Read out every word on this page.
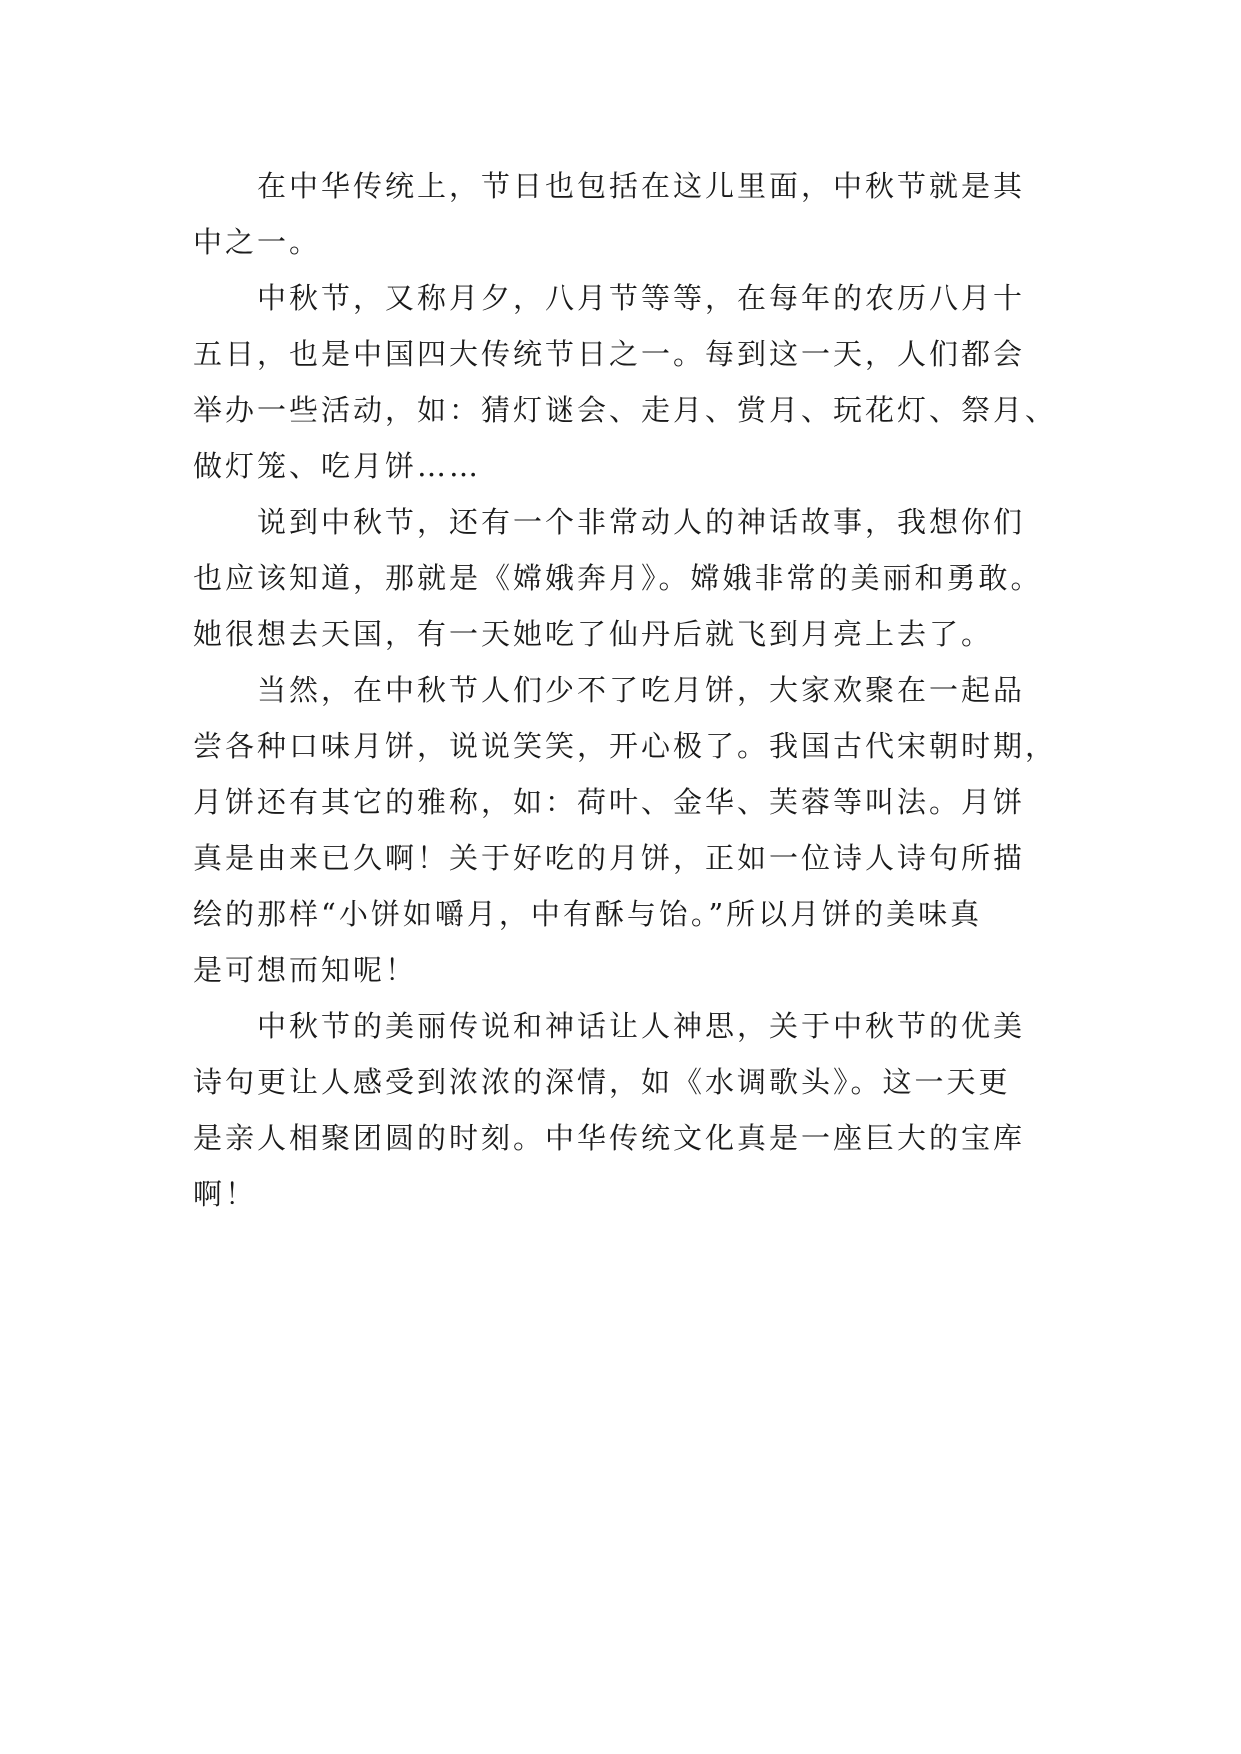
在中华传统上，节日也包括在这儿里面，中秋节就是其
中之一。
中秋节，又称月夕，八月节等等，在每年的农历八月十
五日，也是中国四大传统节日之一。每到这一天，人们都会
举办一些活动，如：猜灯谜会、走月、赏月、玩花灯、祭月、
做灯笼、吃月饼……
说到中秋节，还有一个非常动人的神话故事，我想你们
也应该知道，那就是《嫦娥奔月》。嫦娥非常的美丽和勇敢。
她很想去天国，有一天她吃了仙丹后就飞到月亮上去了。
当然，在中秋节人们少不了吃月饼，大家欢聚在一起品
尝各种口味月饼，说说笑笑，开心极了。我国古代宋朝时期，
月饼还有其它的雅称，如：荷叶、金华、芙蓉等叫法。月饼
真是由来已久啊！关于好吃的月饼，正如一位诗人诗句所描
绘的那样“小饼如嚼月，中有酥与饴。”所以月饼的美味真
是可想而知呢！
中秋节的美丽传说和神话让人神思，关于中秋节的优美
诗句更让人感受到浓浓的深情，如《水调歌头》。这一天更
是亲人相聚团圆的时刻。中华传统文化真是一座巨大的宝库
啊！
